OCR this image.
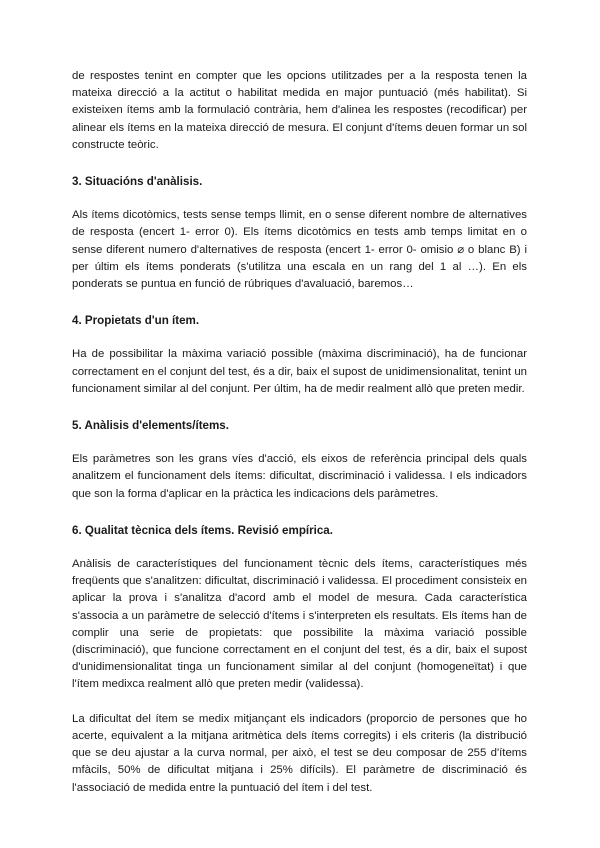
de respostes tenint en compter que les opcions utilitzades per a la resposta tenen la mateixa direcció a la actitut o habilitat medida en major puntuació (més habilitat). Si existeixen ítems amb la formulació contrària, hem d'alinea les respostes (recodificar) per alinear els ítems en la mateixa direcció de mesura. El conjunt d'ítems deuen formar un sol constructe teòric.

3. Situacións d'anàlisis.

Als ítems dicotòmics, tests sense temps llimit, en o sense diferent nombre de alternatives de resposta (encert 1- error 0). Els ítems dicotòmics en tests amb temps limitat en o sense diferent numero d'alternatives de resposta (encert 1- error 0- omisio ⌀ o blanc B) i per últim els ítems ponderats (s'utilitza una escala en un rang del 1 al …). En els ponderats se puntua en funció de rúbriques d'avaluació, baremos…

4. Propietats d'un ítem.

Ha de possibilitar la màxima variació possible (màxima discriminació), ha de funcionar correctament en el conjunt del test, és a dir, baix el supost de unidimensionalitat, tenint un funcionament similar al del conjunt. Per últim, ha de medir realment allò que preten medir.

5. Anàlisis d'elements/ítems.

Els paràmetres son les grans víes d'acció, els eixos de referència principal dels quals analitzem el funcionament dels ítems: dificultat, discriminació i validessa. I els indicadors que son la forma d'aplicar en la pràctica les indicacions dels paràmetres.

6. Qualitat tècnica dels ítems. Revisió empírica.

Anàlisis de característiques del funcionament tècnic dels ítems, característiques més freqüents que s'analitzen: dificultat, discriminació i validessa. El procediment consisteix en aplicar la prova i s'analitza d'acord amb el model de mesura. Cada característica s'associa a un paràmetre de selecció d'ítems i s'interpreten els resultats. Els ítems han de complir una serie de propietats: que possibilite la màxima variació possible (discriminació), que funcione correctament en el conjunt del test, és a dir, baix el supost d'unidimensionalitat tinga un funcionament similar al del conjunt (homogeneïtat) i que l'ítem medixca realment allò que preten medir (validessa).

La dificultat del ítem se medix mitjançant els indicadors (proporcio de persones que ho acerte, equivalent a la mitjana aritmètica dels ítems corregits) i els criteris (la distribució que se deu ajustar a la curva normal, per això, el test se deu composar de 255 d'ítems mfàcils, 50% de dificultat mitjana i 25% difícils). El paràmetre de discriminació és l'associació de medida entre la puntuació del ítem i del test.
